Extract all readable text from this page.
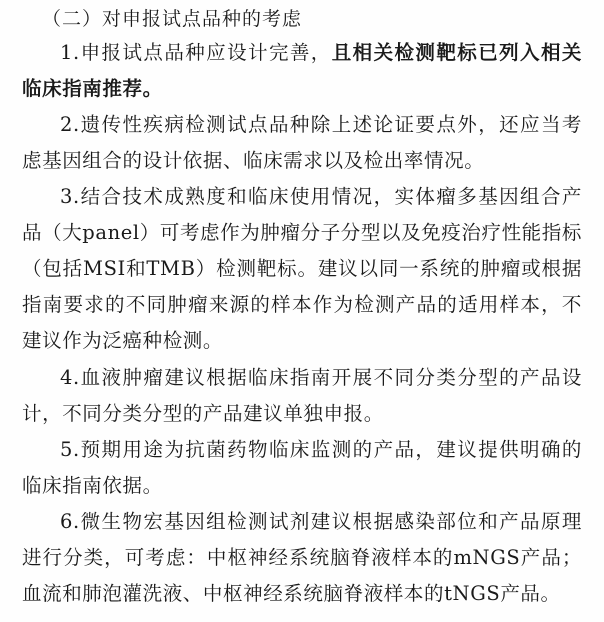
（二）对申报试点品种的考虑

1.申报试点品种应设计完善，且相关检测靶标已列入相关临床指南推荐。

2.遗传性疾病检测试点品种除上述论证要点外，还应当考虑基因组合的设计依据、临床需求以及检出率情况。

3.结合技术成熟度和临床使用情况，实体瘤多基因组合产品（大panel）可考虑作为肿瘤分子分型以及免疫治疗性能指标（包括MSI和TMB）检测靶标。建议以同一系统的肿瘤或根据指南要求的不同肿瘤来源的样本作为检测产品的适用样本，不建议作为泛癌种检测。

4.血液肿瘤建议根据临床指南开展不同分类分型的产品设计，不同分类分型的产品建议单独申报。

5.预期用途为抗菌药物临床监测的产品，建议提供明确的临床指南依据。

6.微生物宏基因组检测试剂建议根据感染部位和产品原理进行分类，可考虑：中枢神经系统脑脊液样本的mNGS产品；血流和肺泡灌洗液、中枢神经系统脑脊液样本的tNGS产品。
